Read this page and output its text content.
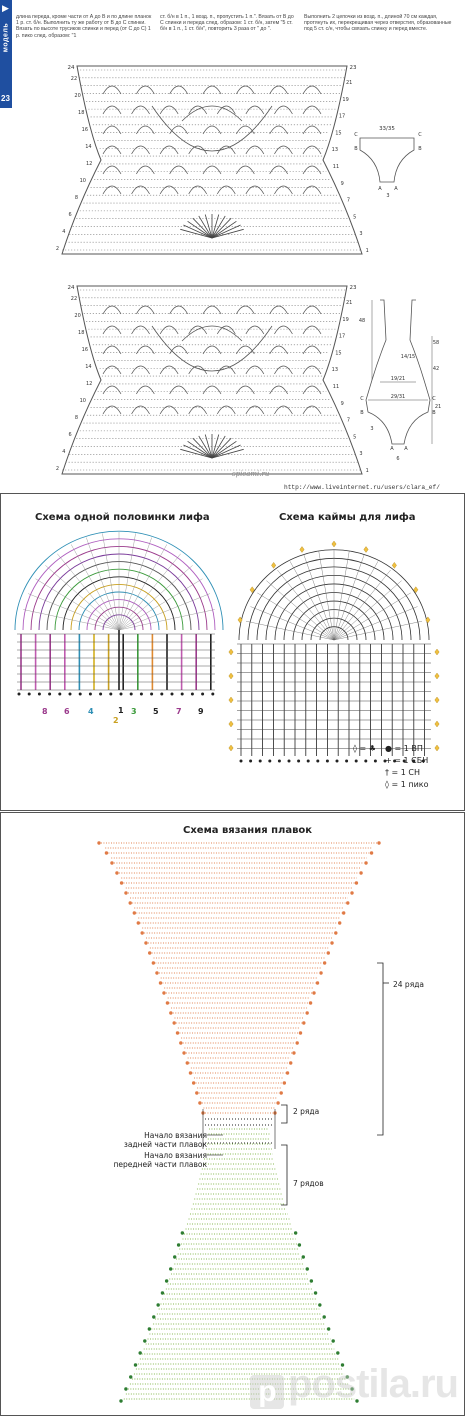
▶
модель
23
длина переда, кроме части от А до В и по длине планок 1 р. ст. б/н. Выполнить ту же работу от В до С спинки. Вязать по высоте трусиков спинки и перед (от С до С) 1 р. пико след. образом: "1
ст. б/н в 1 п., 1 возд. п., пропустить 1 п.". Вязать от В до С спинки и переда след. образом: 1 ст. б/н, затем "5 ст. б/н в 1 п., 1 ст. б/н", повторить 3 раза от " до ".
Выполнить 2 цепочки из возд. п., длиной 70 см каждая, протянуть их, перекрещивая через отверстия, образованные под 5 ст. с/н, чтобы связать спинку и перед вместе.
24	23
22
20
18
16
14
12
10
8
6
4
2
21
19
17
15
13
11
9
7
5
3
1
24	23
22
20
18
16
14
12
10
8
6
4
2
21
19
17
15
13
11
9
7
5
3
1
33/35
C	C
B	B
A	A
3
14/15
19/21
29/31
C	C
B	B
A A
48
58
42
21
6
3
spicami.ru
http://www.liveinternet.ru/users/clara_ef/
Схема одной половинки лифа	Схема каймы для лифа
8 6 4
2
1 3 5 7 9
◊ = ♣ ● = 1 ВП
+ = 1 СБН
† = 1 СН
◊ = 1 пико
Схема вязания плавок
24 ряда
2 ряда
7 рядов
Начало вязания
задней части плавок
Начало вязания
передней части плавок
p postila.ru
